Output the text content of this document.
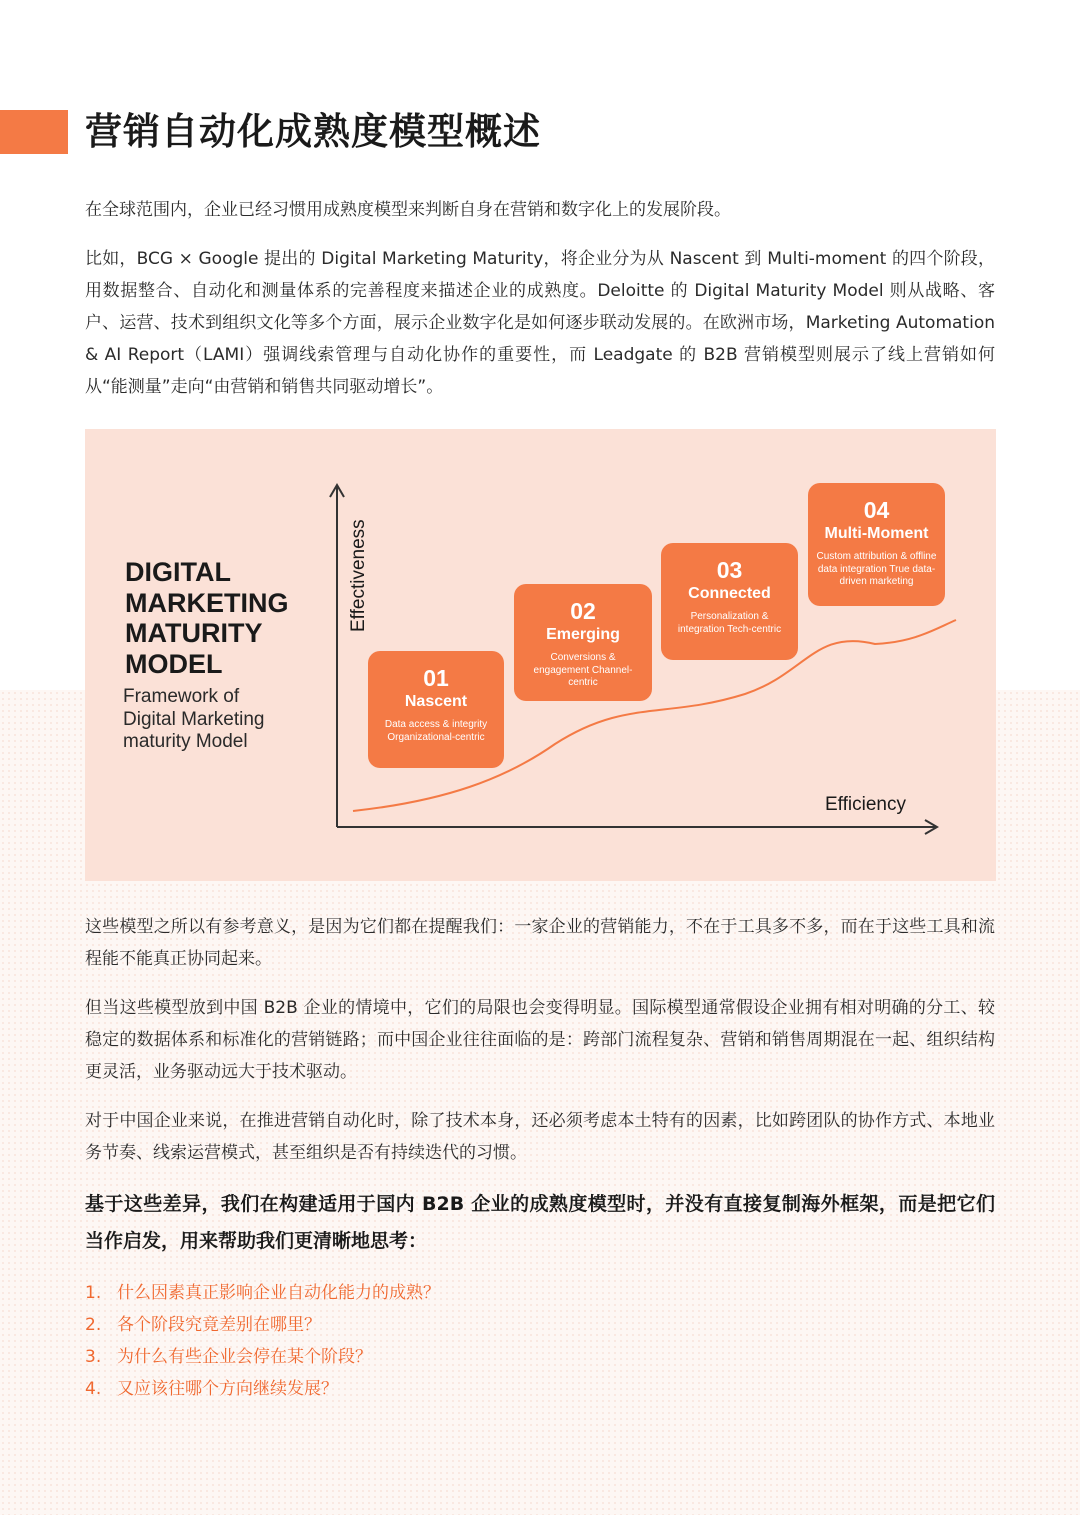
营销自动化成熟度模型概述

在全球范围内，企业已经习惯用成熟度模型来判断自身在营销和数字化上的发展阶段。

比如，BCG × Google 提出的 Digital Marketing Maturity，将企业分为从 Nascent 到 Multi-moment 的四个阶段，用数据整合、自动化和测量体系的完善程度来描述企业的成熟度。Deloitte 的 Digital Maturity Model 则从战略、客户、运营、技术到组织文化等多个方面，展示企业数字化是如何逐步联动发展的。在欧洲市场，Marketing Automation & AI Report（LAMI）强调线索管理与自动化协作的重要性，而 Leadgate 的 B2B 营销模型则展示了线上营销如何从“能测量”走向“由营销和销售共同驱动增长”。

DIGITAL
MARKETING
MATURITY
MODEL

Framework of
Digital Marketing
maturity Model

Effectiveness
Efficiency
01
Nascent
Data access & integrity Organizational-centric
02
Emerging
Conversions & engagement Channel-centric
03
Connected
Personalization & integration Tech-centric
04
Multi-Moment
Custom attribution & offline data integration True data-driven marketing

这些模型之所以有参考意义，是因为它们都在提醒我们：一家企业的营销能力，不在于工具多不多，而在于这些工具和流程能不能真正协同起来。

但当这些模型放到中国 B2B 企业的情境中，它们的局限也会变得明显。国际模型通常假设企业拥有相对明确的分工、较稳定的数据体系和标准化的营销链路；而中国企业往往面临的是：跨部门流程复杂、营销和销售周期混在一起、组织结构更灵活，业务驱动远大于技术驱动。

对于中国企业来说，在推进营销自动化时，除了技术本身，还必须考虑本土特有的因素，比如跨团队的协作方式、本地业务节奏、线索运营模式，甚至组织是否有持续迭代的习惯。

基于这些差异，我们在构建适用于国内 B2B 企业的成熟度模型时，并没有直接复制海外框架，而是把它们当作启发，用来帮助我们更清晰地思考：

1. 什么因素真正影响企业自动化能力的成熟？
2. 各个阶段究竟差别在哪里？
3. 为什么有些企业会停在某个阶段？
4. 又应该往哪个方向继续发展？
